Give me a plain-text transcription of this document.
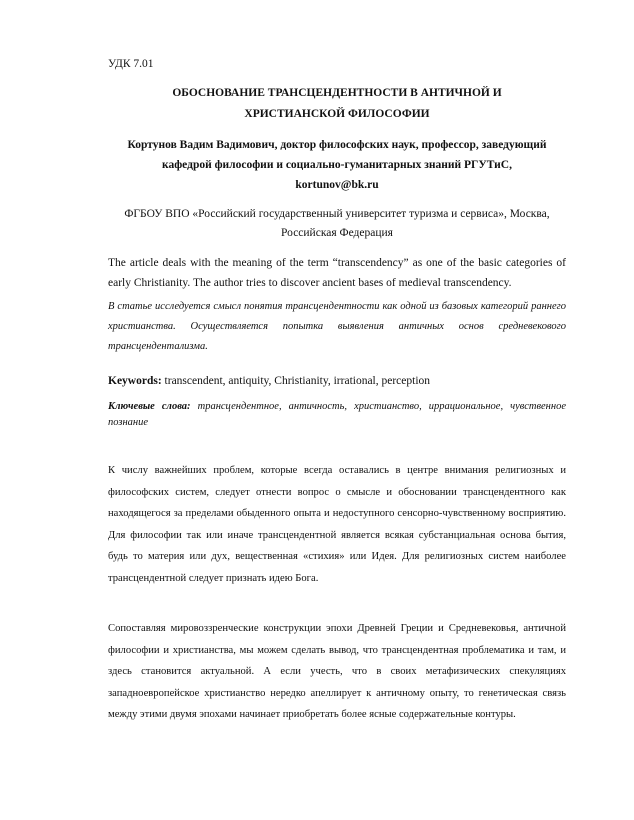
УДК 7.01

ОБОСНОВАНИЕ ТРАНСЦЕНДЕНТНОСТИ В АНТИЧНОЙ И
ХРИСТИАНСКОЙ ФИЛОСОФИИ
Кортунов Вадим Вадимович, доктор философских наук, профессор, заведующий
кафедрой философии и социально-гуманитарных знаний РГУТиС,
kortunov@bk.ru
ФГБОУ ВПО «Российский государственный университет туризма и сервиса», Москва,
Российская Федерация

The article deals with the meaning of the term “transcendency” as one of the basic categories of early Christianity. The author tries to discover ancient bases of medieval transcendency.

В статье исследуется смысл понятия трансцендентности как одной из базовых категорий раннего христианства. Осуществляется попытка выявления античных основ средневекового трансцендентализма.

Keywords: transcendent, antiquity, Christianity, irrational, perception

Ключевые слова: трансцендентное, античность, христианство, иррациональное, чувственное познание

К числу важнейших проблем, которые всегда оставались в центре внимания религиозных и философских систем, следует отнести вопрос о смысле и обосновании трансцендентного как находящегося за пределами обыденного опыта и недоступного сенсорно-чувственному восприятию. Для философии так или иначе трансцендентной является всякая субстанциальная основа бытия, будь то материя или дух, вещественная «стихия» или Идея. Для религиозных систем наиболее трансцендентной следует признать идею Бога.

Сопоставляя мировоззренческие конструкции эпохи Древней Греции и Средневековья, античной философии и христианства, мы можем сделать вывод, что трансцендентная проблематика и там, и здесь становится актуальной. А если учесть, что в своих метафизических спекуляциях западноевропейское христианство нередко апеллирует к античному опыту, то генетическая связь между этими двумя эпохами начинает приобретать более ясные содержательные контуры.
